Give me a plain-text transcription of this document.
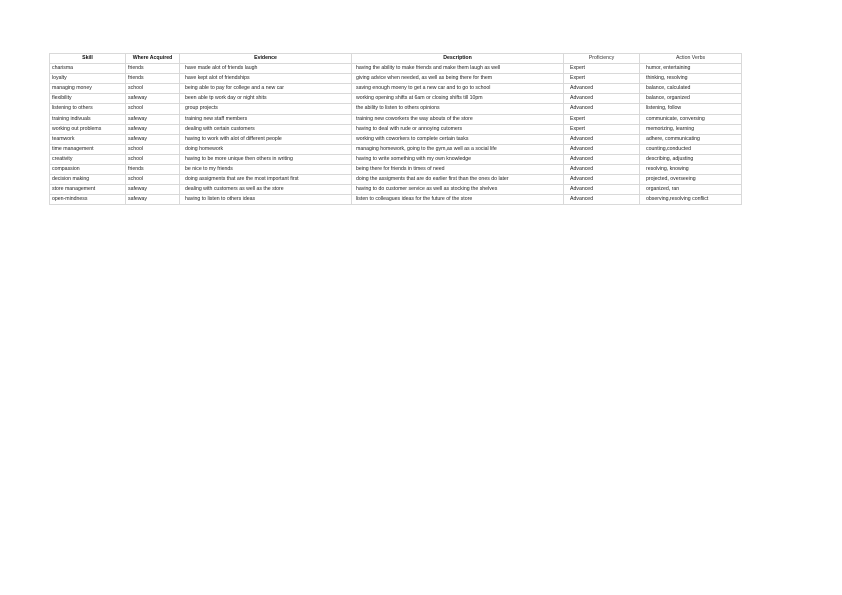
Skill	Where Acquired	Evidence	Description	Proficiency	Action Verbs
charisma	friends	have made alot of friends laugh	having the ability to make friends and make them laugh as well	Expert	humor, entertaining
loyalty	friends	have kept alot of friendships	giving advice when needed, as well as being there for them	Expert	thinking, resolving
managing money	school	being able to pay for college and a new car	saving enough moeny to get a new car and to go to school	Advanced	balance, calculated
flexibility	safeway	been able tp work day or night shits	working opening shifts at 6am or closing shifts till 10pm	Advanced	balance, organized
listening to others	school	group projects	the ability to listen to others opinions	Advanced	listening, follow
training indivuals	safeway	training new staff members	training new coworkers the way abouts of the store	Expert	communicate, conversing
working out problems	safeway	dealing with certain customers	having to deal with rude or annoying cutomers	Expert	memorizing, learning
teamwork	safeway	having to work with alot of different people	working with coworkers to complete certain tasks	Advanced	adhere, communicating
time management	school	doing homework	managing homework, going to the gym,as well as a social life	Advanced	counting,conducted
creativity	school	having to be more unique then others in writing	having to write something with my own knowledge	Advanced	describing, adjusting
compassion	friends	be nice to my friends	being there for friends in times of need	Advanced	resolving, knowing
decision making	school	doing assigments that are the most important first	doing the assigments that are do earlier first than the ones do later	Advanced	projected, overseeing
store management	safeway	dealing with customers as well as the store	having to do customer service as well as stocking the shelves	Advanced	organized, ran
open-mindness	safeway	having to listen to others ideas	listen to colleagues ideas for the future of the store	Advanced	observing,resolving conflict
